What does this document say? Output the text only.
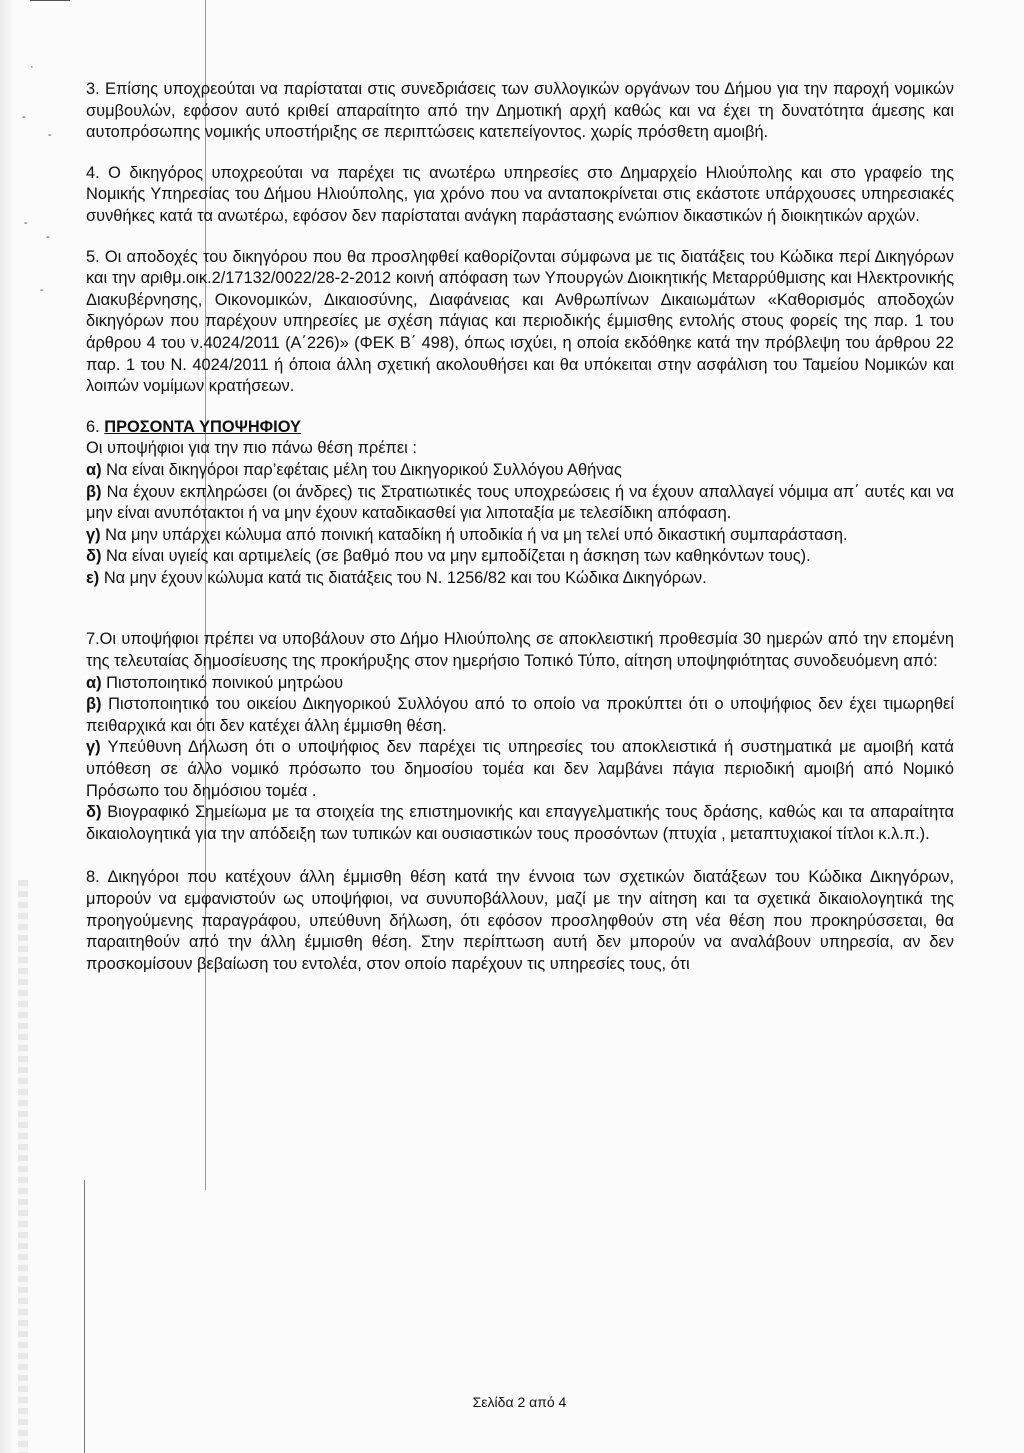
·
-
-
-
-
-

3. Επίσης υποχρεούται να παρίσταται στις συνεδριάσεις των συλλογικών οργάνων του Δήμου για την παροχή νομικών συμβουλών, εφόσον αυτό κριθεί απαραίτητο από την Δημοτική αρχή καθώς και να έχει τη δυνατότητα άμεσης και αυτοπρόσωπης νομικής υποστήριξης σε περιπτώσεις κατεπείγοντος. χωρίς πρόσθετη αμοιβή.

4. Ο δικηγόρος υποχρεούται να παρέχει τις ανωτέρω υπηρεσίες στο Δημαρχείο Ηλιούπολης και στο γραφείο της Νομικής Υπηρεσίας του Δήμου Ηλιούπολης, για χρόνο που να ανταποκρίνεται στις εκάστοτε υπάρχουσες υπηρεσιακές συνθήκες κατά τα ανωτέρω, εφόσον δεν παρίσταται ανάγκη παράστασης ενώπιον δικαστικών ή διοικητικών αρχών.

5. Οι αποδοχές του δικηγόρου που θα προσληφθεί καθορίζονται σύμφωνα με τις διατάξεις του Κώδικα περί Δικηγόρων και την αριθμ.οικ.2/17132/0022/28-2-2012 κοινή απόφαση των Υπουργών Διοικητικής Μεταρρύθμισης και Ηλεκτρονικής Διακυβέρνησης, Οικονομικών, Δικαιοσύνης, Διαφάνειας και Ανθρωπίνων Δικαιωμάτων «Καθορισμός αποδοχών δικηγόρων που παρέχουν υπηρεσίες με σχέση πάγιας και περιοδικής έμμισθης εντολής στους φορείς της παρ. 1 του άρθρου 4 του ν.4024/2011 (Α΄226)» (ΦΕΚ Β΄ 498), όπως ισχύει, η οποία εκδόθηκε κατά την πρόβλεψη του άρθρου 22 παρ. 1 του Ν. 4024/2011 ή όποια άλλη σχετική ακολουθήσει και θα υπόκειται στην ασφάλιση του Ταμείου Νομικών και λοιπών νομίμων κρατήσεων.

6. ΠΡΟΣΟΝΤΑ ΥΠΟΨΗΦΙΟΥ

Οι υποψήφιοι για την πιο πάνω θέση πρέπει :

α) Να είναι δικηγόροι παρ’εφέταις μέλη του Δικηγορικού Συλλόγου Αθήνας

β) Να έχουν εκπληρώσει (οι άνδρες) τις Στρατιωτικές τους υποχρεώσεις ή να έχουν απαλλαγεί νόμιμα απ΄ αυτές και να μην είναι ανυπότακτοι ή να μην έχουν καταδικασθεί για λιποταξία με τελεσίδικη απόφαση.

γ) Να μην υπάρχει κώλυμα από ποινική καταδίκη ή υποδικία ή να μη τελεί υπό δικαστική συμπαράσταση.

δ) Να είναι υγιείς και αρτιμελείς (σε βαθμό που να μην εμποδίζεται η άσκηση των καθηκόντων τους).

ε) Να μην έχουν κώλυμα κατά τις διατάξεις του Ν. 1256/82 και του Κώδικα Δικηγόρων.

7.Οι υποψήφιοι πρέπει να υποβάλουν στο Δήμο Ηλιούπολης σε αποκλειστική προθεσμία 30 ημερών από την επομένη της τελευταίας δημοσίευσης της προκήρυξης στον ημερήσιο Τοπικό Τύπο, αίτηση υποψηφιότητας συνοδευόμενη από:

α) Πιστοποιητικό ποινικού μητρώου

β) Πιστοποιητικό του οικείου Δικηγορικού Συλλόγου από το οποίο να προκύπτει ότι ο υποψήφιος δεν έχει τιμωρηθεί πειθαρχικά και ότι δεν κατέχει άλλη έμμισθη θέση.

γ) Υπεύθυνη Δήλωση ότι ο υποψήφιος δεν παρέχει τις υπηρεσίες του αποκλειστικά ή συστηματικά με αμοιβή κατά υπόθεση σε άλλο νομικό πρόσωπο του δημοσίου τομέα και δεν λαμβάνει πάγια περιοδική αμοιβή από Νομικό Πρόσωπο του δημόσιου τομέα .

δ) Βιογραφικό Σημείωμα με τα στοιχεία της επιστημονικής και επαγγελματικής τους δράσης, καθώς και τα απαραίτητα δικαιολογητικά για την απόδειξη των τυπικών και ουσιαστικών τους προσόντων (πτυχία , μεταπτυχιακοί τίτλοι κ.λ.π.).

8. Δικηγόροι που κατέχουν άλλη έμμισθη θέση κατά την έννοια των σχετικών διατάξεων του Κώδικα Δικηγόρων, μπορούν να εμφανιστούν ως υποψήφιοι, να συνυποβάλλουν, μαζί με την αίτηση και τα σχετικά δικαιολογητικά της προηγούμενης παραγράφου, υπεύθυνη δήλωση, ότι εφόσον προσληφθούν στη νέα θέση που προκηρύσσεται, θα παραιτηθούν από την άλλη έμμισθη θέση. Στην περίπτωση αυτή δεν μπορούν να αναλάβουν υπηρεσία, αν δεν προσκομίσουν βεβαίωση του εντολέα, στον οποίο παρέχουν τις υπηρεσίες τους, ότι

Σελίδα 2 από 4
